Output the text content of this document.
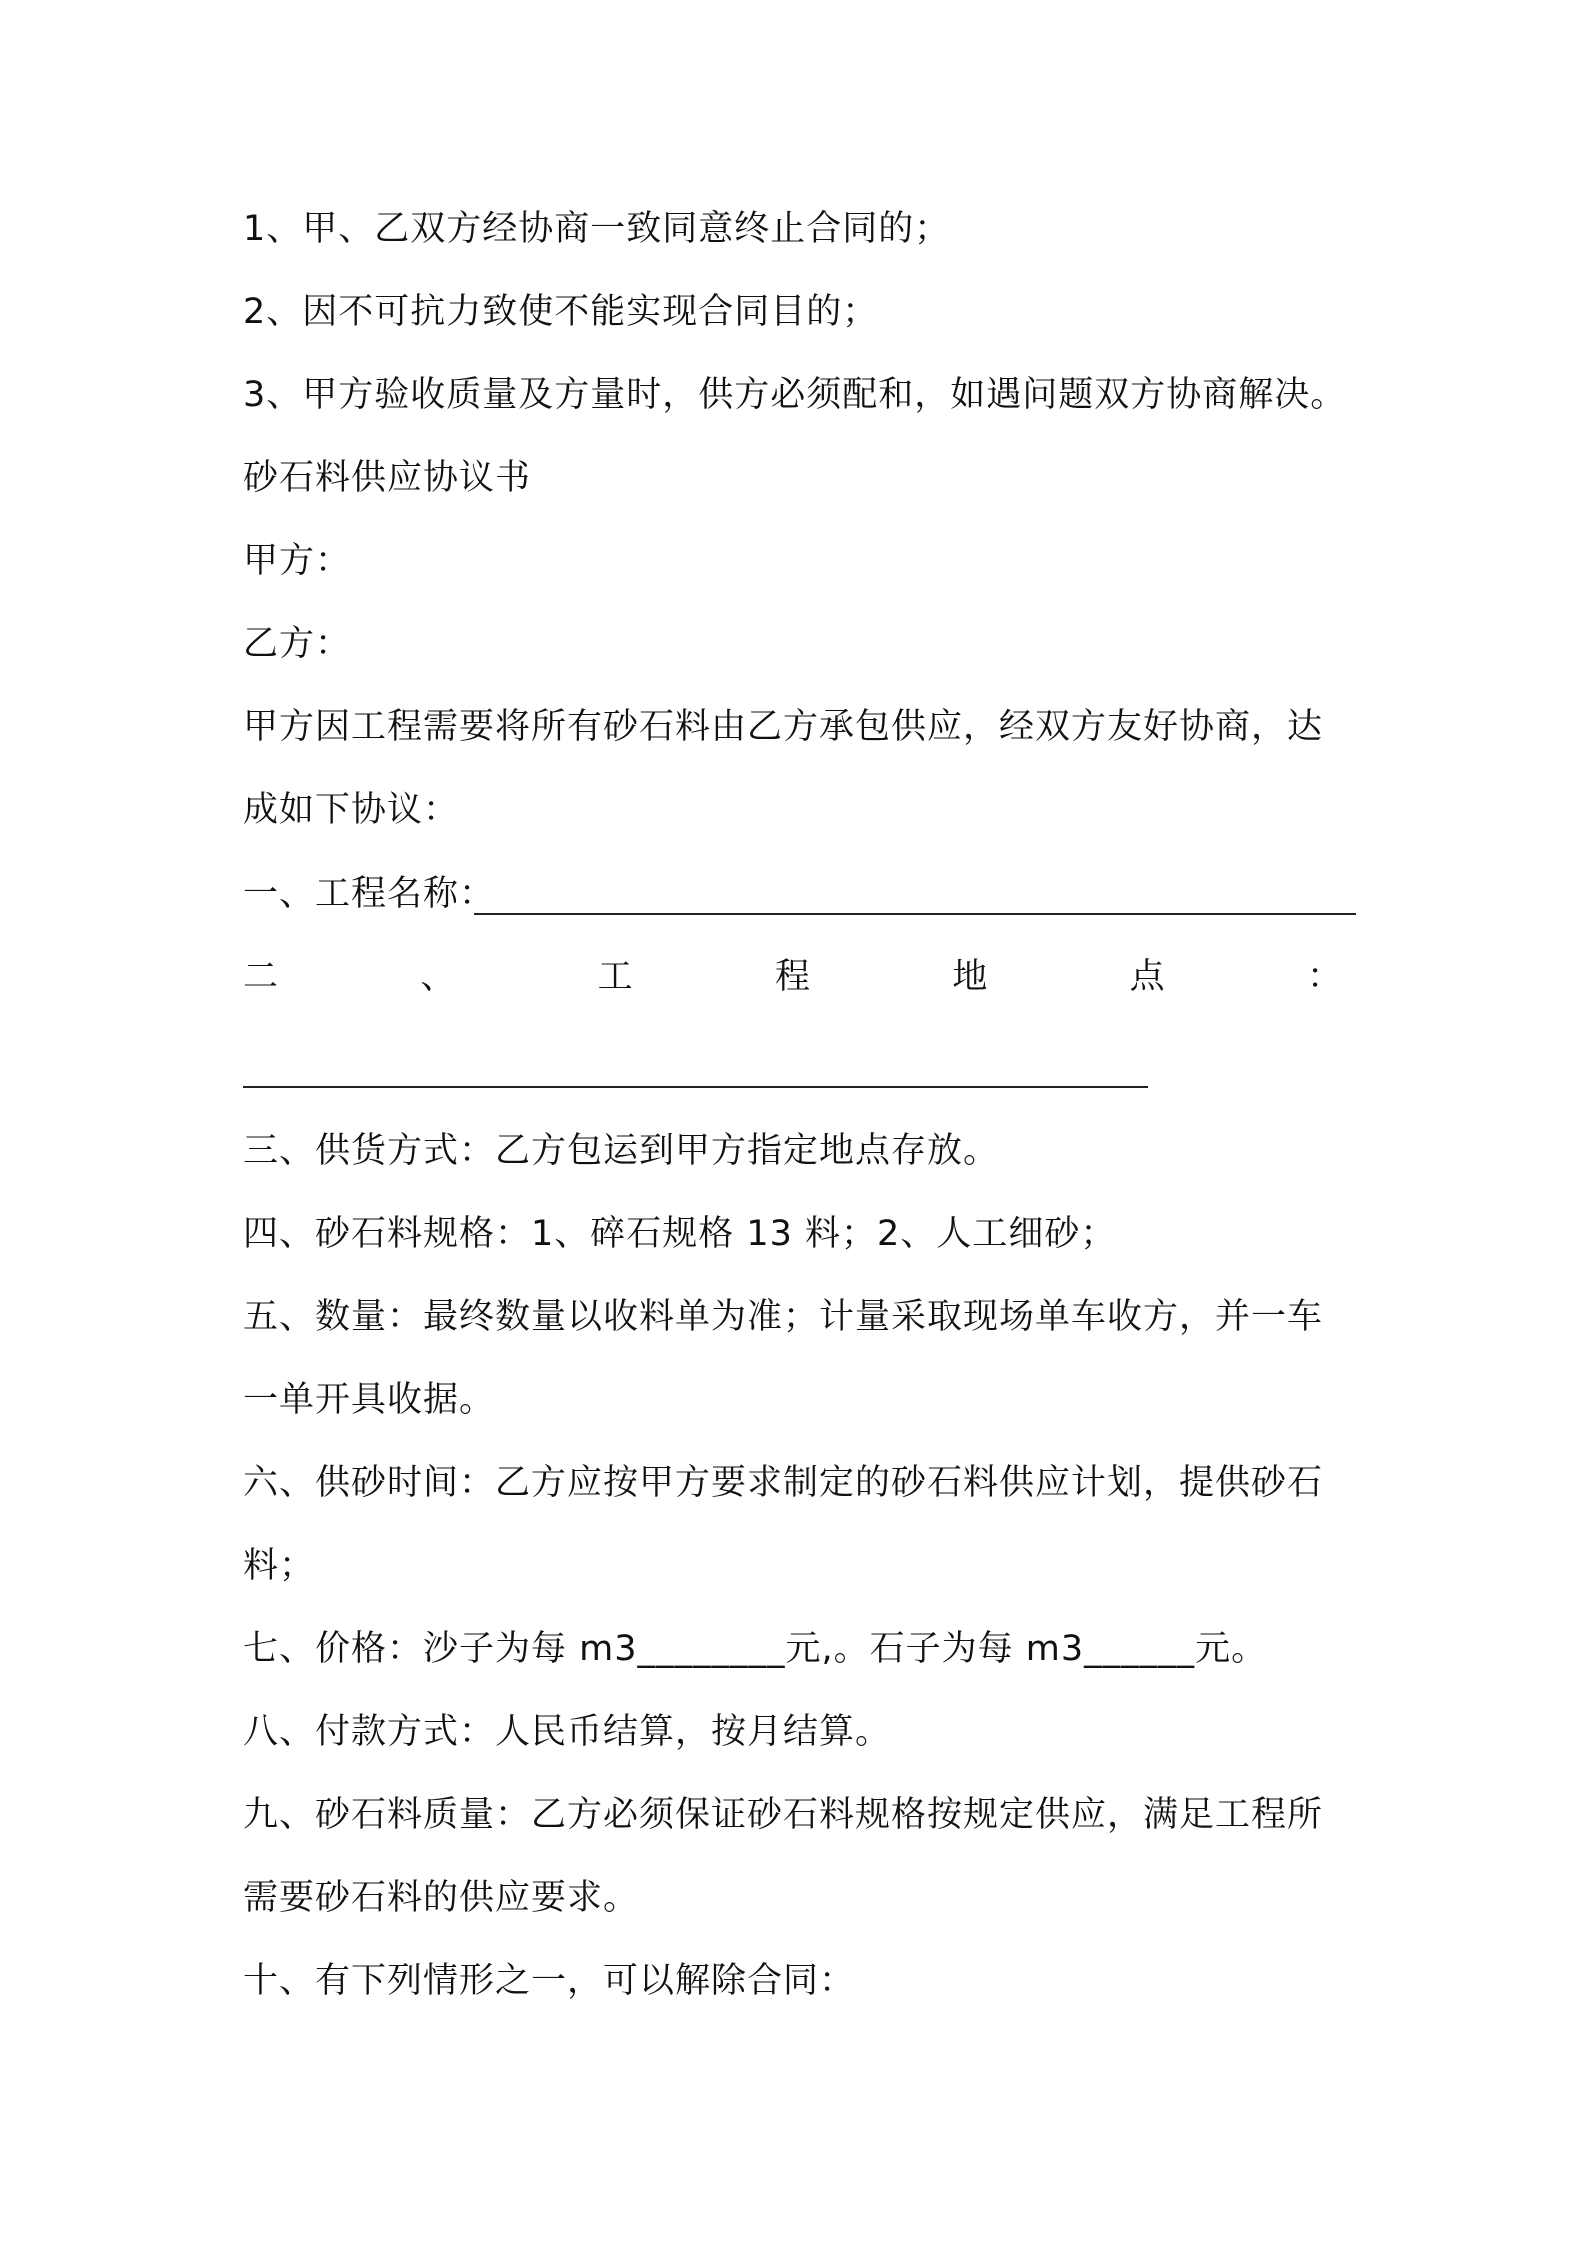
1、甲、乙双方经协商一致同意终止合同的；
2、因不可抗力致使不能实现合同目的；
3、甲方验收质量及方量时，供方必须配和，如遇问题双方协商解决。
砂石料供应协议书
甲方：
乙方：
甲方因工程需要将所有砂石料由乙方承包供应，经双方友好协商，达
成如下协议：
一、工程名称：
二	、	工	程	地	点	：
三、供货方式：乙方包运到甲方指定地点存放。
四、砂石料规格：1、碎石规格 13 料；2、人工细砂；
五、数量：最终数量以收料单为准；计量采取现场单车收方，并一车
一单开具收据。
六、供砂时间：乙方应按甲方要求制定的砂石料供应计划，提供砂石
料；
七、价格：沙子为每 m3________元,。石子为每 m3______元。
八、付款方式：人民币结算，按月结算。
九、砂石料质量：乙方必须保证砂石料规格按规定供应，满足工程所
需要砂石料的供应要求。
十、有下列情形之一，可以解除合同：
